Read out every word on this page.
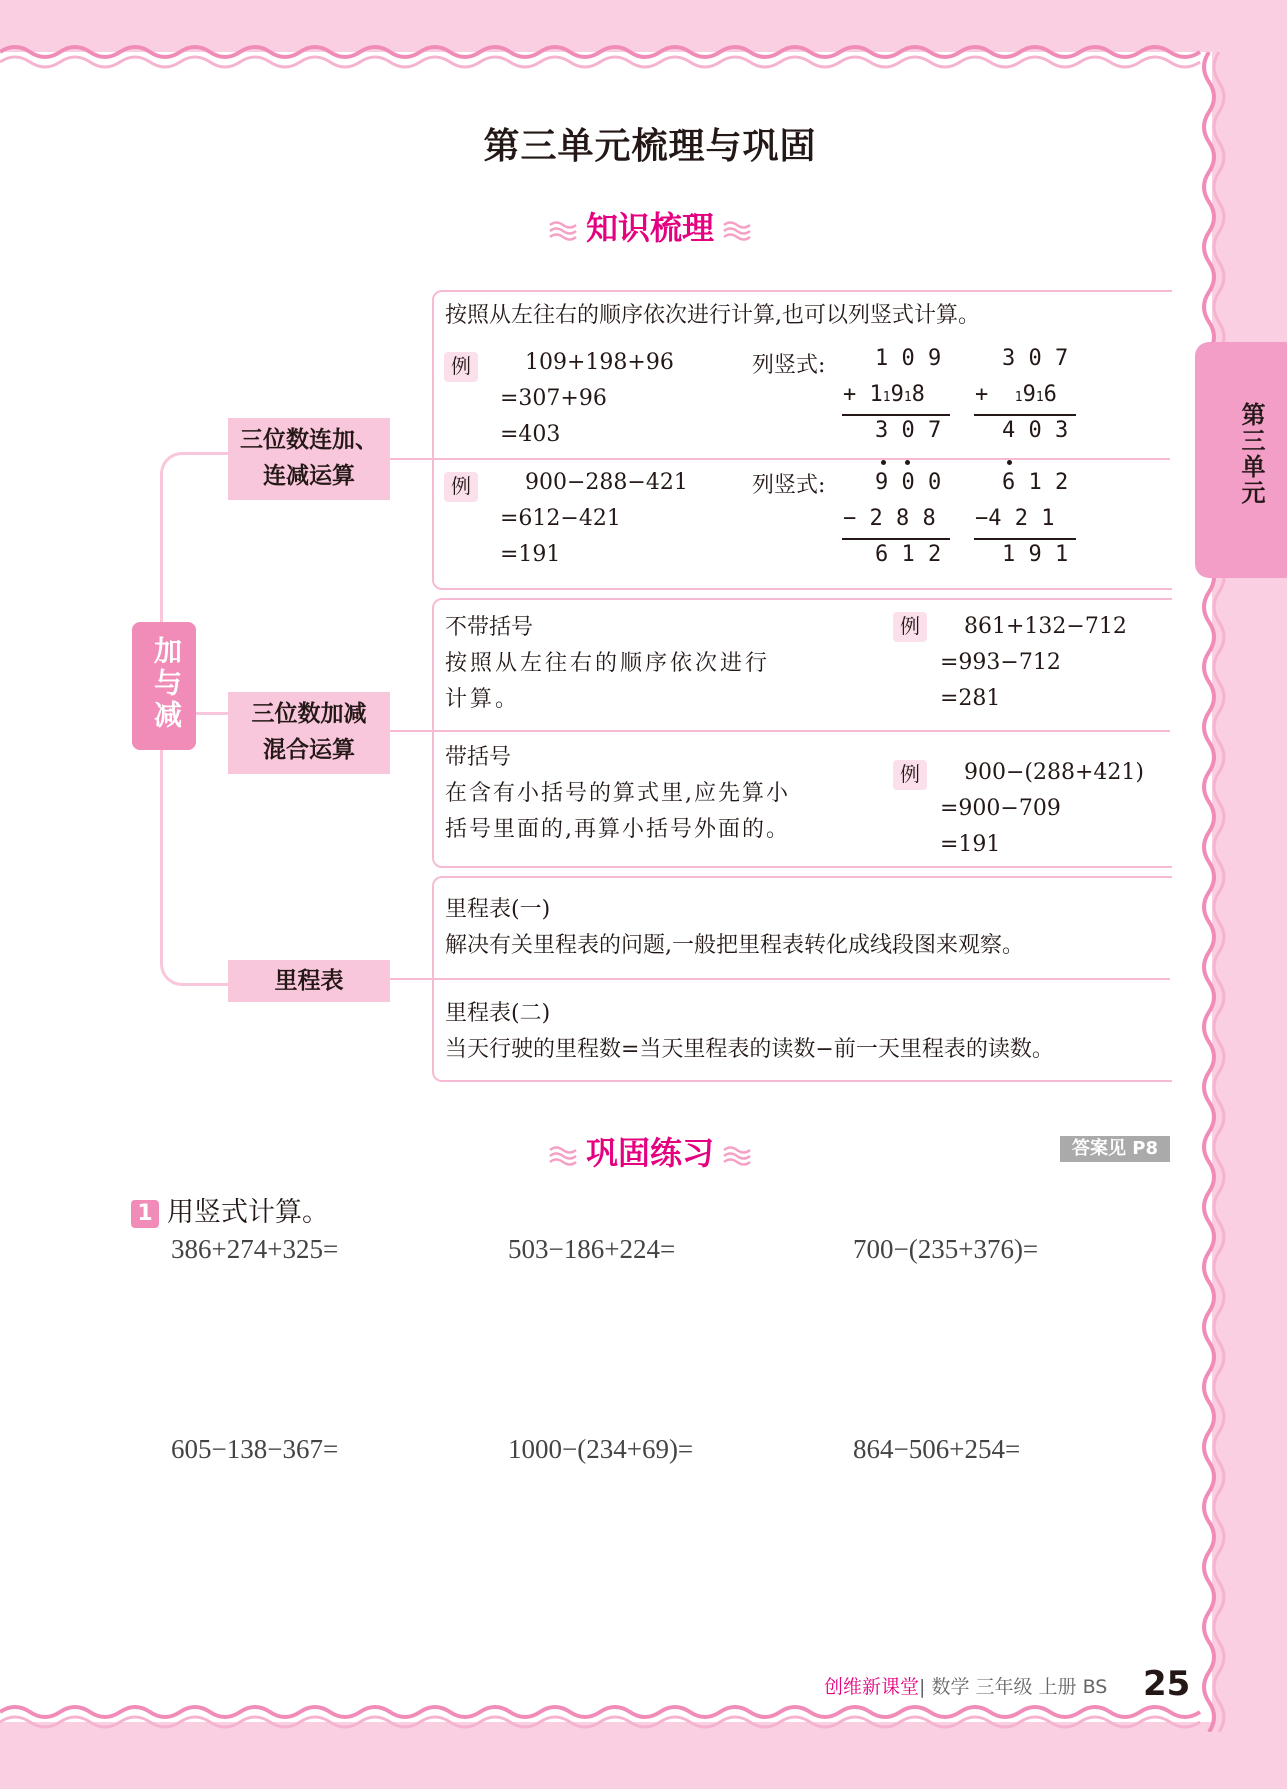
第三单元
第三单元梳理与巩固
知识梳理
加与减
三位数连加、连减运算
三位数加减混合运算
里程表
按照从左往右的顺序依次进行计算,也可以列竖式计算。
例	109+198+96
=307+96
=403
列竖式: 1 0 9
+ 11918
3 0 7
3 0 7
+  1916
4 0 3
例	900−288−421
=612−421
=191
列竖式: 9 0 0
− 2 8 8
6 1 2
6 1 2
−4 2 1
1 9 1
不带括号
按照从左往右的顺序依次进行
计算。
例	861+132−712
=993−712
=281
带括号
在含有小括号的算式里,应先算小
括号里面的,再算小括号外面的。
例	900−(288+421)
=900−709
=191
里程表(一)
解决有关里程表的问题,一般把里程表转化成线段图来观察。
里程表(二)
当天行驶的里程数=当天里程表的读数−前一天里程表的读数。
巩固练习	答案见 P8
1 用竖式计算。
386+274+325=	503−186+224=	700−(235+376)=
605−138−367=	1000−(234+69)=	864−506+254=
创维新课堂| 数学 三年级 上册 BS 25
